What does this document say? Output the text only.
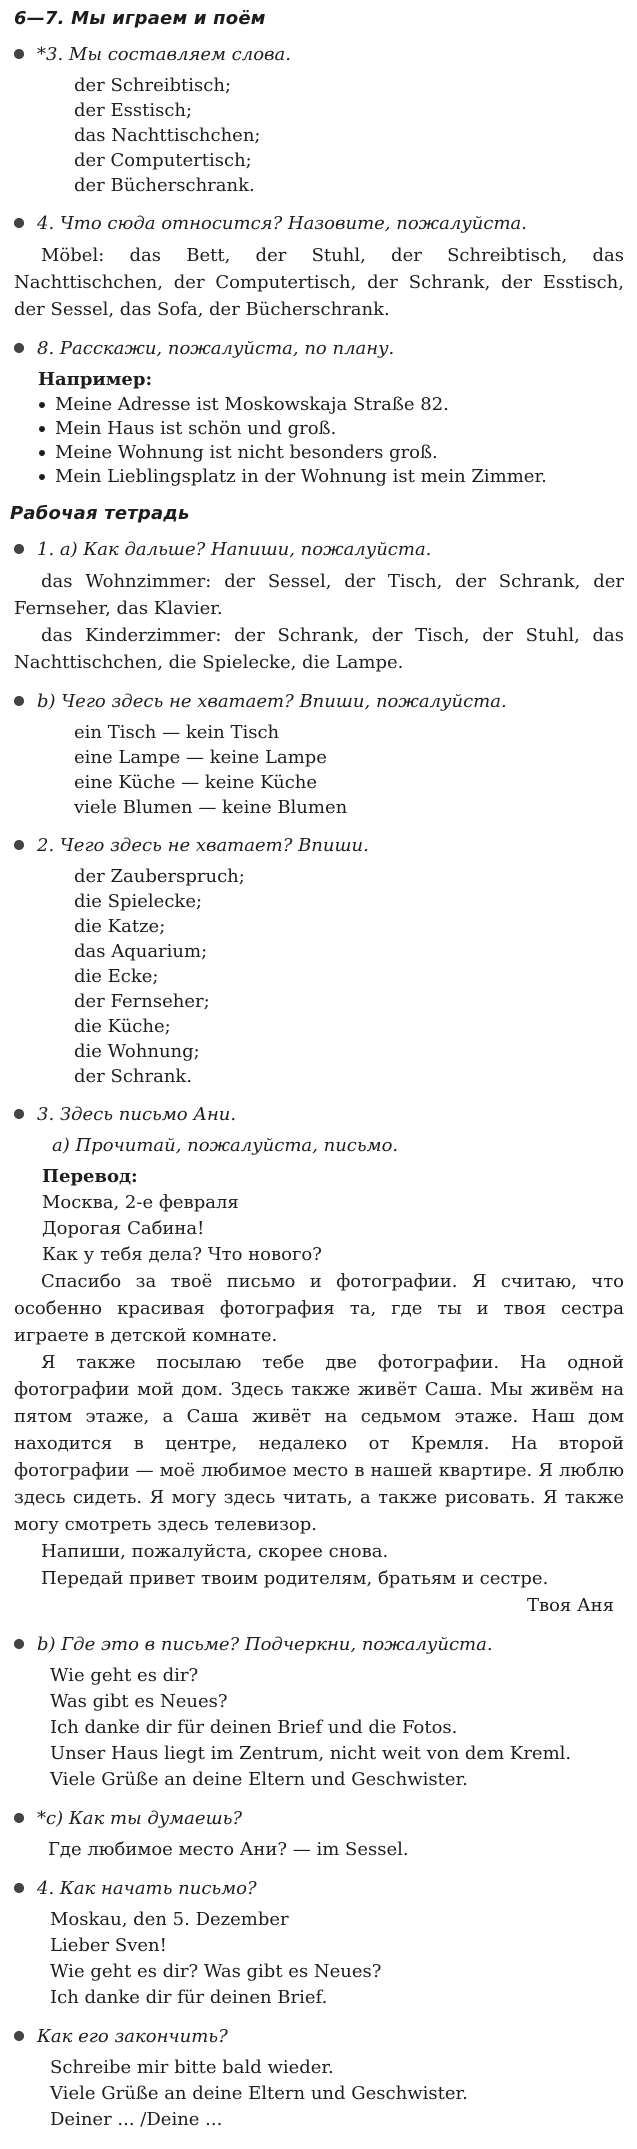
6—7. Мы играем и поём
*3. Мы составляем слова.
der Schreibtisch;
der Esstisch;
das Nachttischchen;
der Computertisch;
der Bücherschrank.
4. Что сюда относится? Назовите, пожалуйста.

Möbel: das Bett, der Stuhl, der Schreibtisch, das Nachttischchen, der Computertisch, der Schrank, der Esstisch, der Sessel, das Sofa, der Bücherschrank.

8. Расскажи, пожалуйста, по плану.
Например:
Meine Adresse ist Moskowskaja Straße 82.
Mein Haus ist schön und groß.
Meine Wohnung ist nicht besonders groß.
Mein Lieblingsplatz in der Wohnung ist mein Zimmer.
Рабочая тетрадь
1. a) Как дальше? Напиши, пожалуйста.

das Wohnzimmer: der Sessel, der Tisch, der Schrank, der Fernseher, das Klavier.

das Kinderzimmer: der Schrank, der Tisch, der Stuhl, das Nachttischchen, die Spielecke, die Lampe.

b) Чего здесь не хватает? Впиши, пожалуйста.
ein Tisch — kein Tisch
eine Lampe — keine Lampe
eine Küche — keine Küche
viele Blumen — keine Blumen
2. Чего здесь не хватает? Впиши.
der Zauberspruch;
die Spielecke;
die Katze;
das Aquarium;
die Ecke;
der Fernseher;
die Küche;
die Wohnung;
der Schrank.
3. Здесь письмо Ани.
a) Прочитай, пожалуйста, письмо.
Перевод:
Москва, 2-е февраля
Дорогая Сабина!
Как у тебя дела? Что нового?

Спасибо за твоё письмо и фотографии. Я считаю, что особенно красивая фотография та, где ты и твоя сестра играете в детской комнате.

Я также посылаю тебе две фотографии. На одной фотографии мой дом. Здесь также живёт Саша. Мы живём на пятом этаже, а Саша живёт на седьмом этаже. Наш дом находится в центре, недалеко от Кремля. На второй фотографии — моё любимое место в нашей квартире. Я люблю здесь сидеть. Я могу здесь читать, а также рисовать. Я также могу смотреть здесь телевизор.

Напиши, пожалуйста, скорее снова.

Передай привет твоим родителям, братьям и сестре.

Твоя Аня
b) Где это в письме? Подчеркни, пожалуйста.
Wie geht es dir?
Was gibt es Neues?
Ich danke dir für deinen Brief und die Fotos.
Unser Haus liegt im Zentrum, nicht weit von dem Kreml.
Viele Grüße an deine Eltern und Geschwister.
*c) Как ты думаешь?
Где любимое место Ани? — im Sessel.
4. Как начать письмо?
Moskau, den 5. Dezember
Lieber Sven!
Wie geht es dir? Was gibt es Neues?
Ich danke dir für deinen Brief.
Как его закончить?
Schreibe mir bitte bald wieder.
Viele Grüße an deine Eltern und Geschwister.
Deiner ... /Deine ...
